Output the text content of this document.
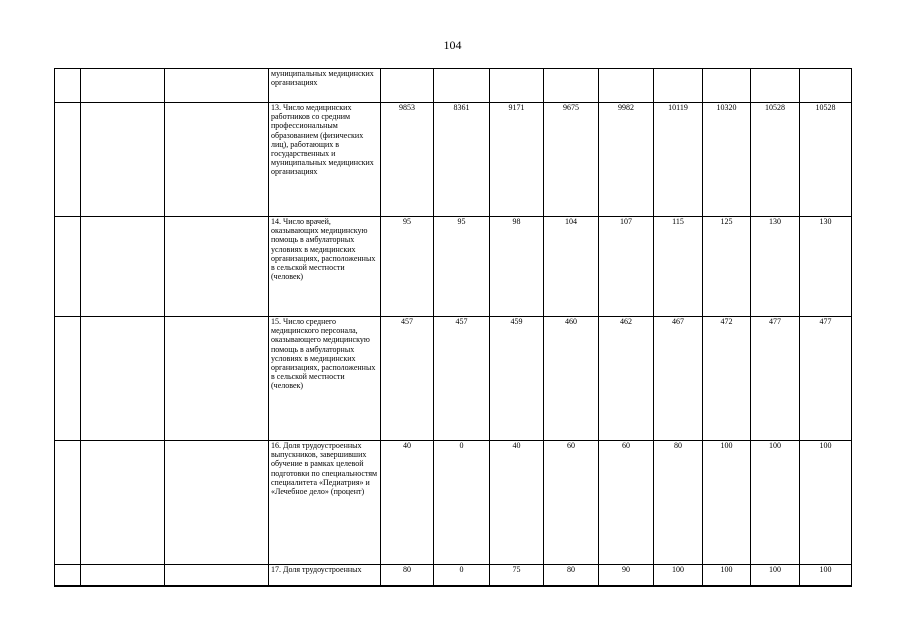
104
			муниципальных медицинских организациях									
			13. Число медицинских работников со средним профессиональным образованием (физических лиц), работающих в государственных и муниципальных медицинских организациях	9853	8361	9171	9675	9982	10119	10320	10528	10528
			14. Число врачей, оказывающих медицинскую помощь в амбулаторных условиях в медицинских организациях, расположенных в сельской местности (человек)	95	95	98	104	107	115	125	130	130
			15. Число среднего медицинского персонала, оказывающего медицинскую помощь в амбулаторных условиях в медицинских организациях, расположенных в сельской местности (человек)	457	457	459	460	462	467	472	477	477
			16. Доля трудоустроенных выпускников, завершивших обучение в рамках целевой подготовки по специальностям специалитета «Педиатрия» и «Лечебное дело» (процент)	40	0	40	60	60	80	100	100	100
			17. Доля трудоустроенных	80	0	75	80	90	100	100	100	100
